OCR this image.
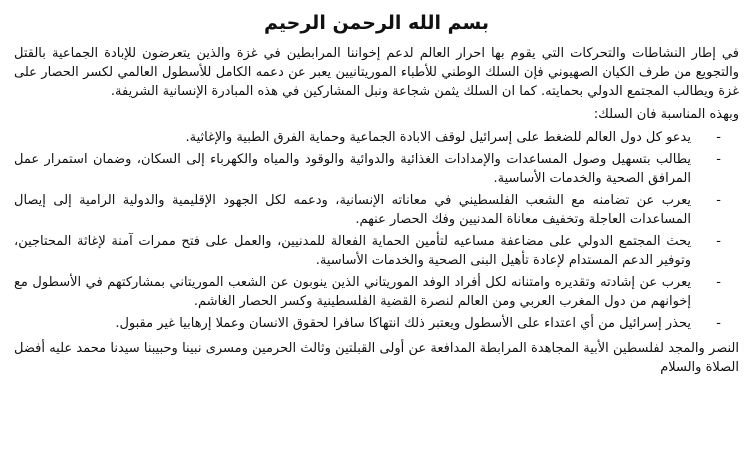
بسم الله الرحمن الرحيم

في إطار النشاطات والتحركات التي يقوم بها احرار العالم لدعم إخواننا المرابطين في غزة والذين يتعرضون للإبادة الجماعية بالقتل والتجويع من طرف الكيان الصهيوني فإن السلك الوطني للأطباء الموريتانيين يعبر عن دعمه الكامل للأسطول العالمي لكسر الحصار على غزة ويطالب المجتمع الدولي بحمايته. كما ان السلك يثمن شجاعة ونبل المشاركين في هذه المبادرة الإنسانية الشريفة.

وبهذه المناسبة فان السلك:

-
يدعو كل دول العالم للضغط على إسرائيل لوقف الابادة الجماعية وحماية الفرق الطبية والإغاثية.
-
يطالب بتسهيل وصول المساعدات والإمدادات الغذائية والدوائية والوقود والمياه والكهرباء إلى السكان، وضمان استمرار عمل المرافق الصحية والخدمات الأساسية.
-
يعرب عن تضامنه مع الشعب الفلسطيني في معاناته الإنسانية، ودعمه لكل الجهود الإقليمية والدولية الرامية إلى إيصال المساعدات العاجلة وتخفيف معاناة المدنيين وفك الحصار عنهم.
-
يحث المجتمع الدولي على مضاعفة مساعيه لتأمين الحماية الفعالة للمدنيين، والعمل على فتح ممرات آمنة لإغاثة المحتاجين، وتوفير الدعم المستدام لإعادة تأهيل البنى الصحية والخدمات الأساسية.
-
يعرب عن إشادته وتقديره وامتنانه لكل أفراد الوفد الموريتاني الذين ينوبون عن الشعب الموريتاني بمشاركتهم في الأسطول مع إخوانهم من دول المغرب العربي ومن العالم لنصرة القضية الفلسطينية وكسر الحصار الغاشم.
-
يحذر إسرائيل من أي اعتداء على الأسطول ويعتبر ذلك انتهاكا سافرا لحقوق الانسان وعملا إرهابيا غير مقبول.

النصر والمجد لفلسطين الأبية المجاهدة المرابطة المدافعة عن أولى القبلتين وثالث الحرمين ومسرى نبينا وحبيبنا سيدنا محمد عليه أفضل الصلاة والسلام
